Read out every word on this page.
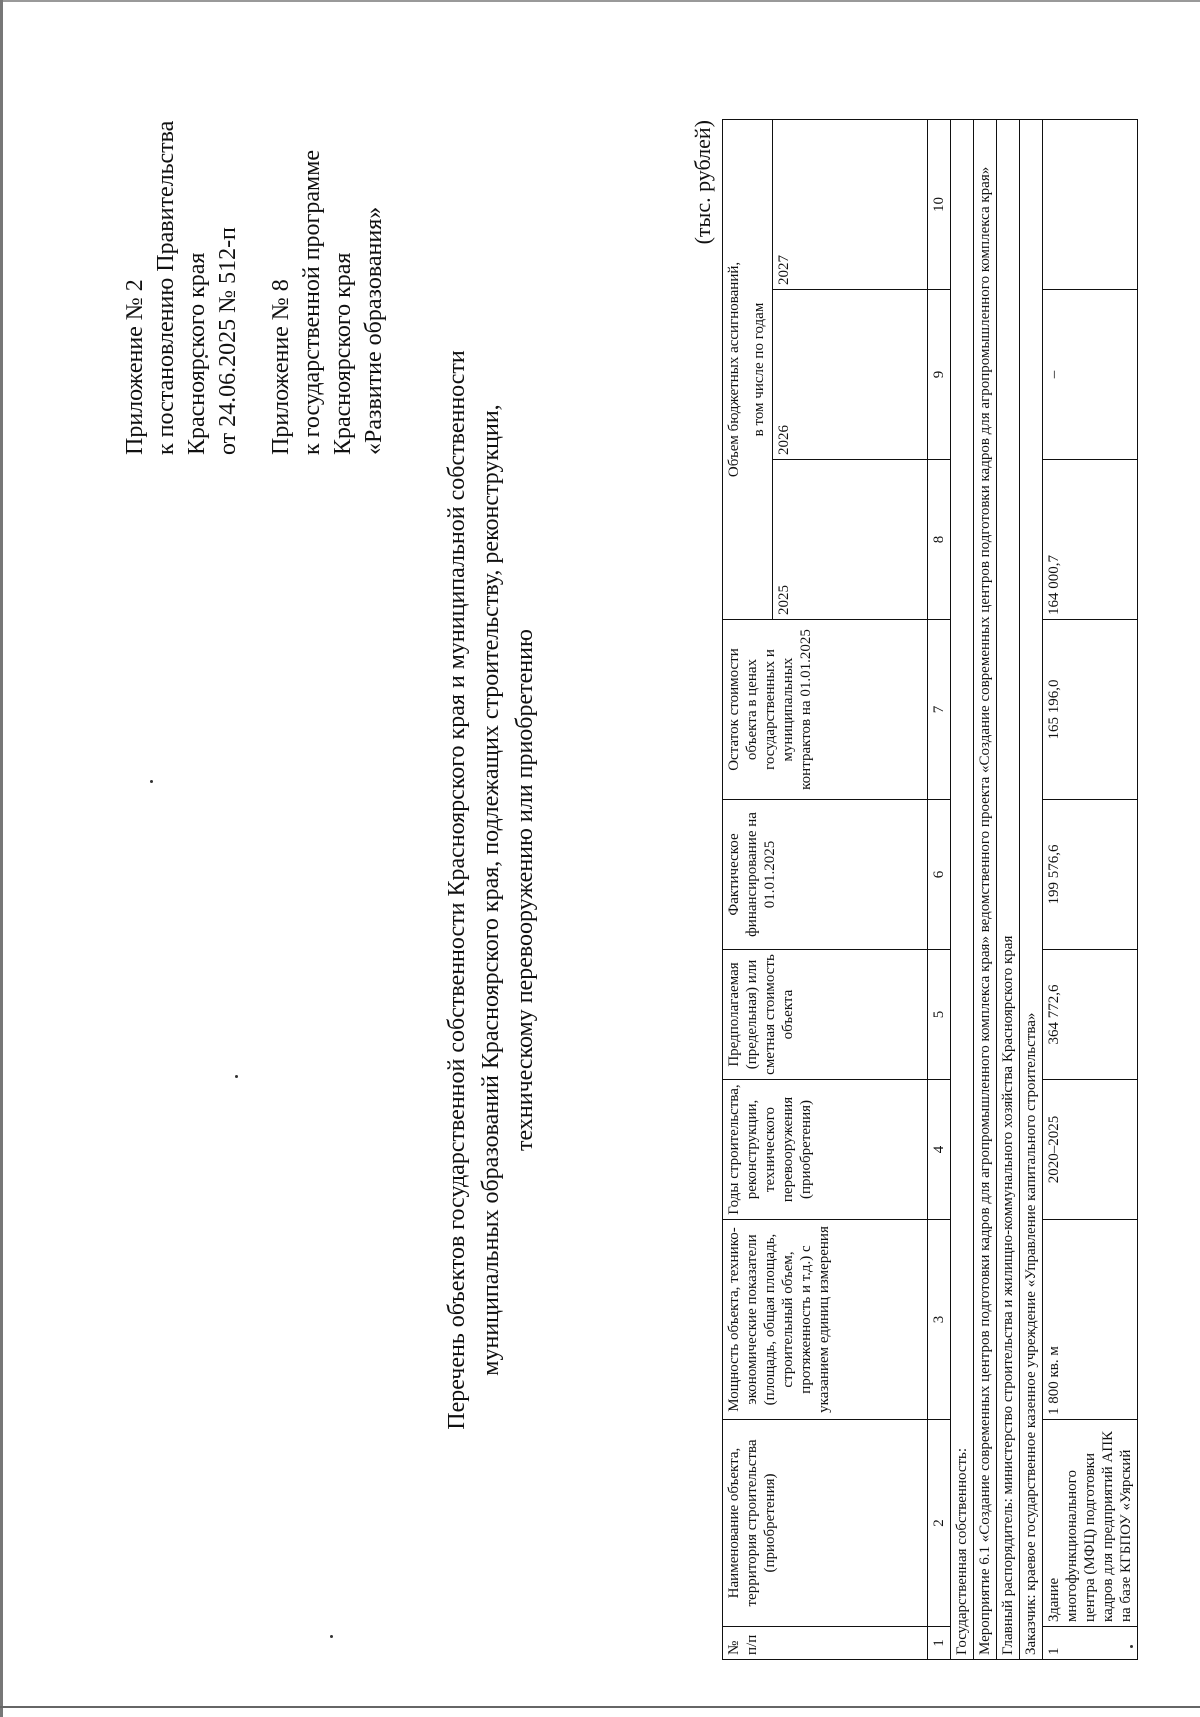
Приложение № 2 к постановлению Правительства Красноярского края от 24.06.2025 № 512-п Приложение № 8 к государственной программе Красноярского края «Развитие образования»
Перечень объектов государственной собственности Красноярского края и муниципальной собственности муниципальных образований Красноярского края, подлежащих строительству, реконструкции, техническому перевооружению или приобретению
(тыс. рублей)
№ п/п	Наименование объекта, территория строительства (приобретения)	Мощность объекта, технико-экономические показатели (площадь, общая площадь, строительный объем, протяженность и т.д.) с указанием единиц измерения	Годы строительства, реконструкции, технического перевооружения (приобретения)	Предполагаемая (предельная) или сметная стоимость объекта	Фактическое финансирование на 01.01.2025	Остаток стоимости объекта в ценах государственных и муниципальных контрактов на 01.01.2025	Объем бюджетных ассигнований,		
							в том числе по годам		
							2025	2026	2027
1	2	3	4	5	6	7	8	9	10
Государственная собственность:									
Мероприятие 6.1 «Создание современных центров подготовки кадров для агропромышленного комплекса края» ведомственного проекта «Создание современных центров подготовки кадров для агропромышленного комплекса края»									
Главный распорядитель: министерство строительства и жилищно-коммунального хозяйства Красноярского края									
Заказчик: краевое государственное казенное учреждение «Управление капитального строительства»									
1	Здание многофункционального центра (МФЦ) подготовки кадров для предприятий АПК на базе КГБПОУ «Уярский	1 800 кв. м	2020–2025	364 772,6	199 576,6	165 196,0	164 000,7	–	
